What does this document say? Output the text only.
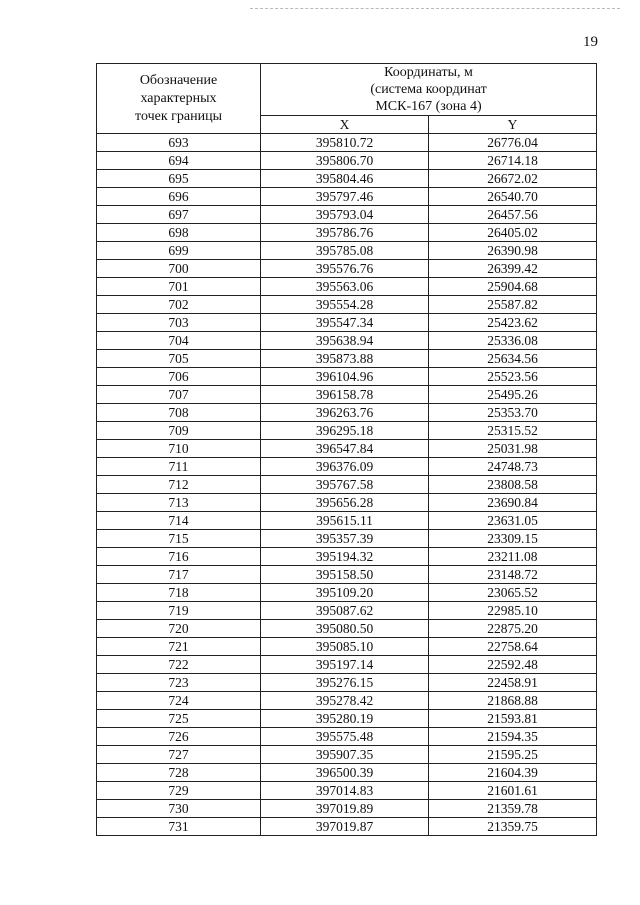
19
Обозначение
характерных
точек границы	Координаты, м
(система координат
МСК-167 (зона 4)	
	X	Y
693	395810.72	26776.04
694	395806.70	26714.18
695	395804.46	26672.02
696	395797.46	26540.70
697	395793.04	26457.56
698	395786.76	26405.02
699	395785.08	26390.98
700	395576.76	26399.42
701	395563.06	25904.68
702	395554.28	25587.82
703	395547.34	25423.62
704	395638.94	25336.08
705	395873.88	25634.56
706	396104.96	25523.56
707	396158.78	25495.26
708	396263.76	25353.70
709	396295.18	25315.52
710	396547.84	25031.98
711	396376.09	24748.73
712	395767.58	23808.58
713	395656.28	23690.84
714	395615.11	23631.05
715	395357.39	23309.15
716	395194.32	23211.08
717	395158.50	23148.72
718	395109.20	23065.52
719	395087.62	22985.10
720	395080.50	22875.20
721	395085.10	22758.64
722	395197.14	22592.48
723	395276.15	22458.91
724	395278.42	21868.88
725	395280.19	21593.81
726	395575.48	21594.35
727	395907.35	21595.25
728	396500.39	21604.39
729	397014.83	21601.61
730	397019.89	21359.78
731	397019.87	21359.75
